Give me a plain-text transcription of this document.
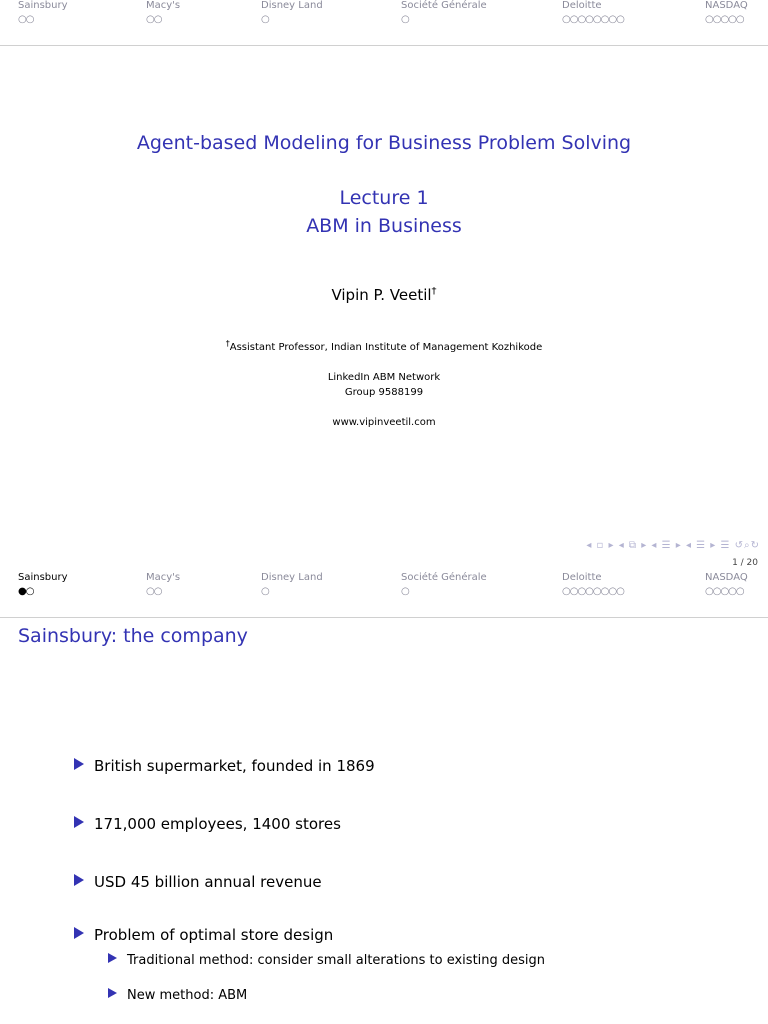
Sainsbury
○○
Macy's
○○
Disney Land
○
Société Générale
○
Deloitte
○○○○○○○○
NASDAQ
○○○○○
Agent-based Modeling for Business Problem Solving
Lecture 1
ABM in Business
Vipin P. Veetil†
†Assistant Professor, Indian Institute of Management Kozhikode
LinkedIn ABM Network
Group 9588199
www.vipinveetil.com
◂ ▫ ▸ ◂ ⧉ ▸ ◂ ☰ ▸ ◂ ☰ ▸ ☰ ↺⌕↻
1 / 20
Sainsbury
●○
Macy's
○○
Disney Land
○
Société Générale
○
Deloitte
○○○○○○○○
NASDAQ
○○○○○
Sainsbury: the company
British supermarket, founded in 1869
171,000 employees, 1400 stores
USD 45 billion annual revenue
Problem of optimal store design
Traditional method: consider small alterations to existing design
New method: ABM
